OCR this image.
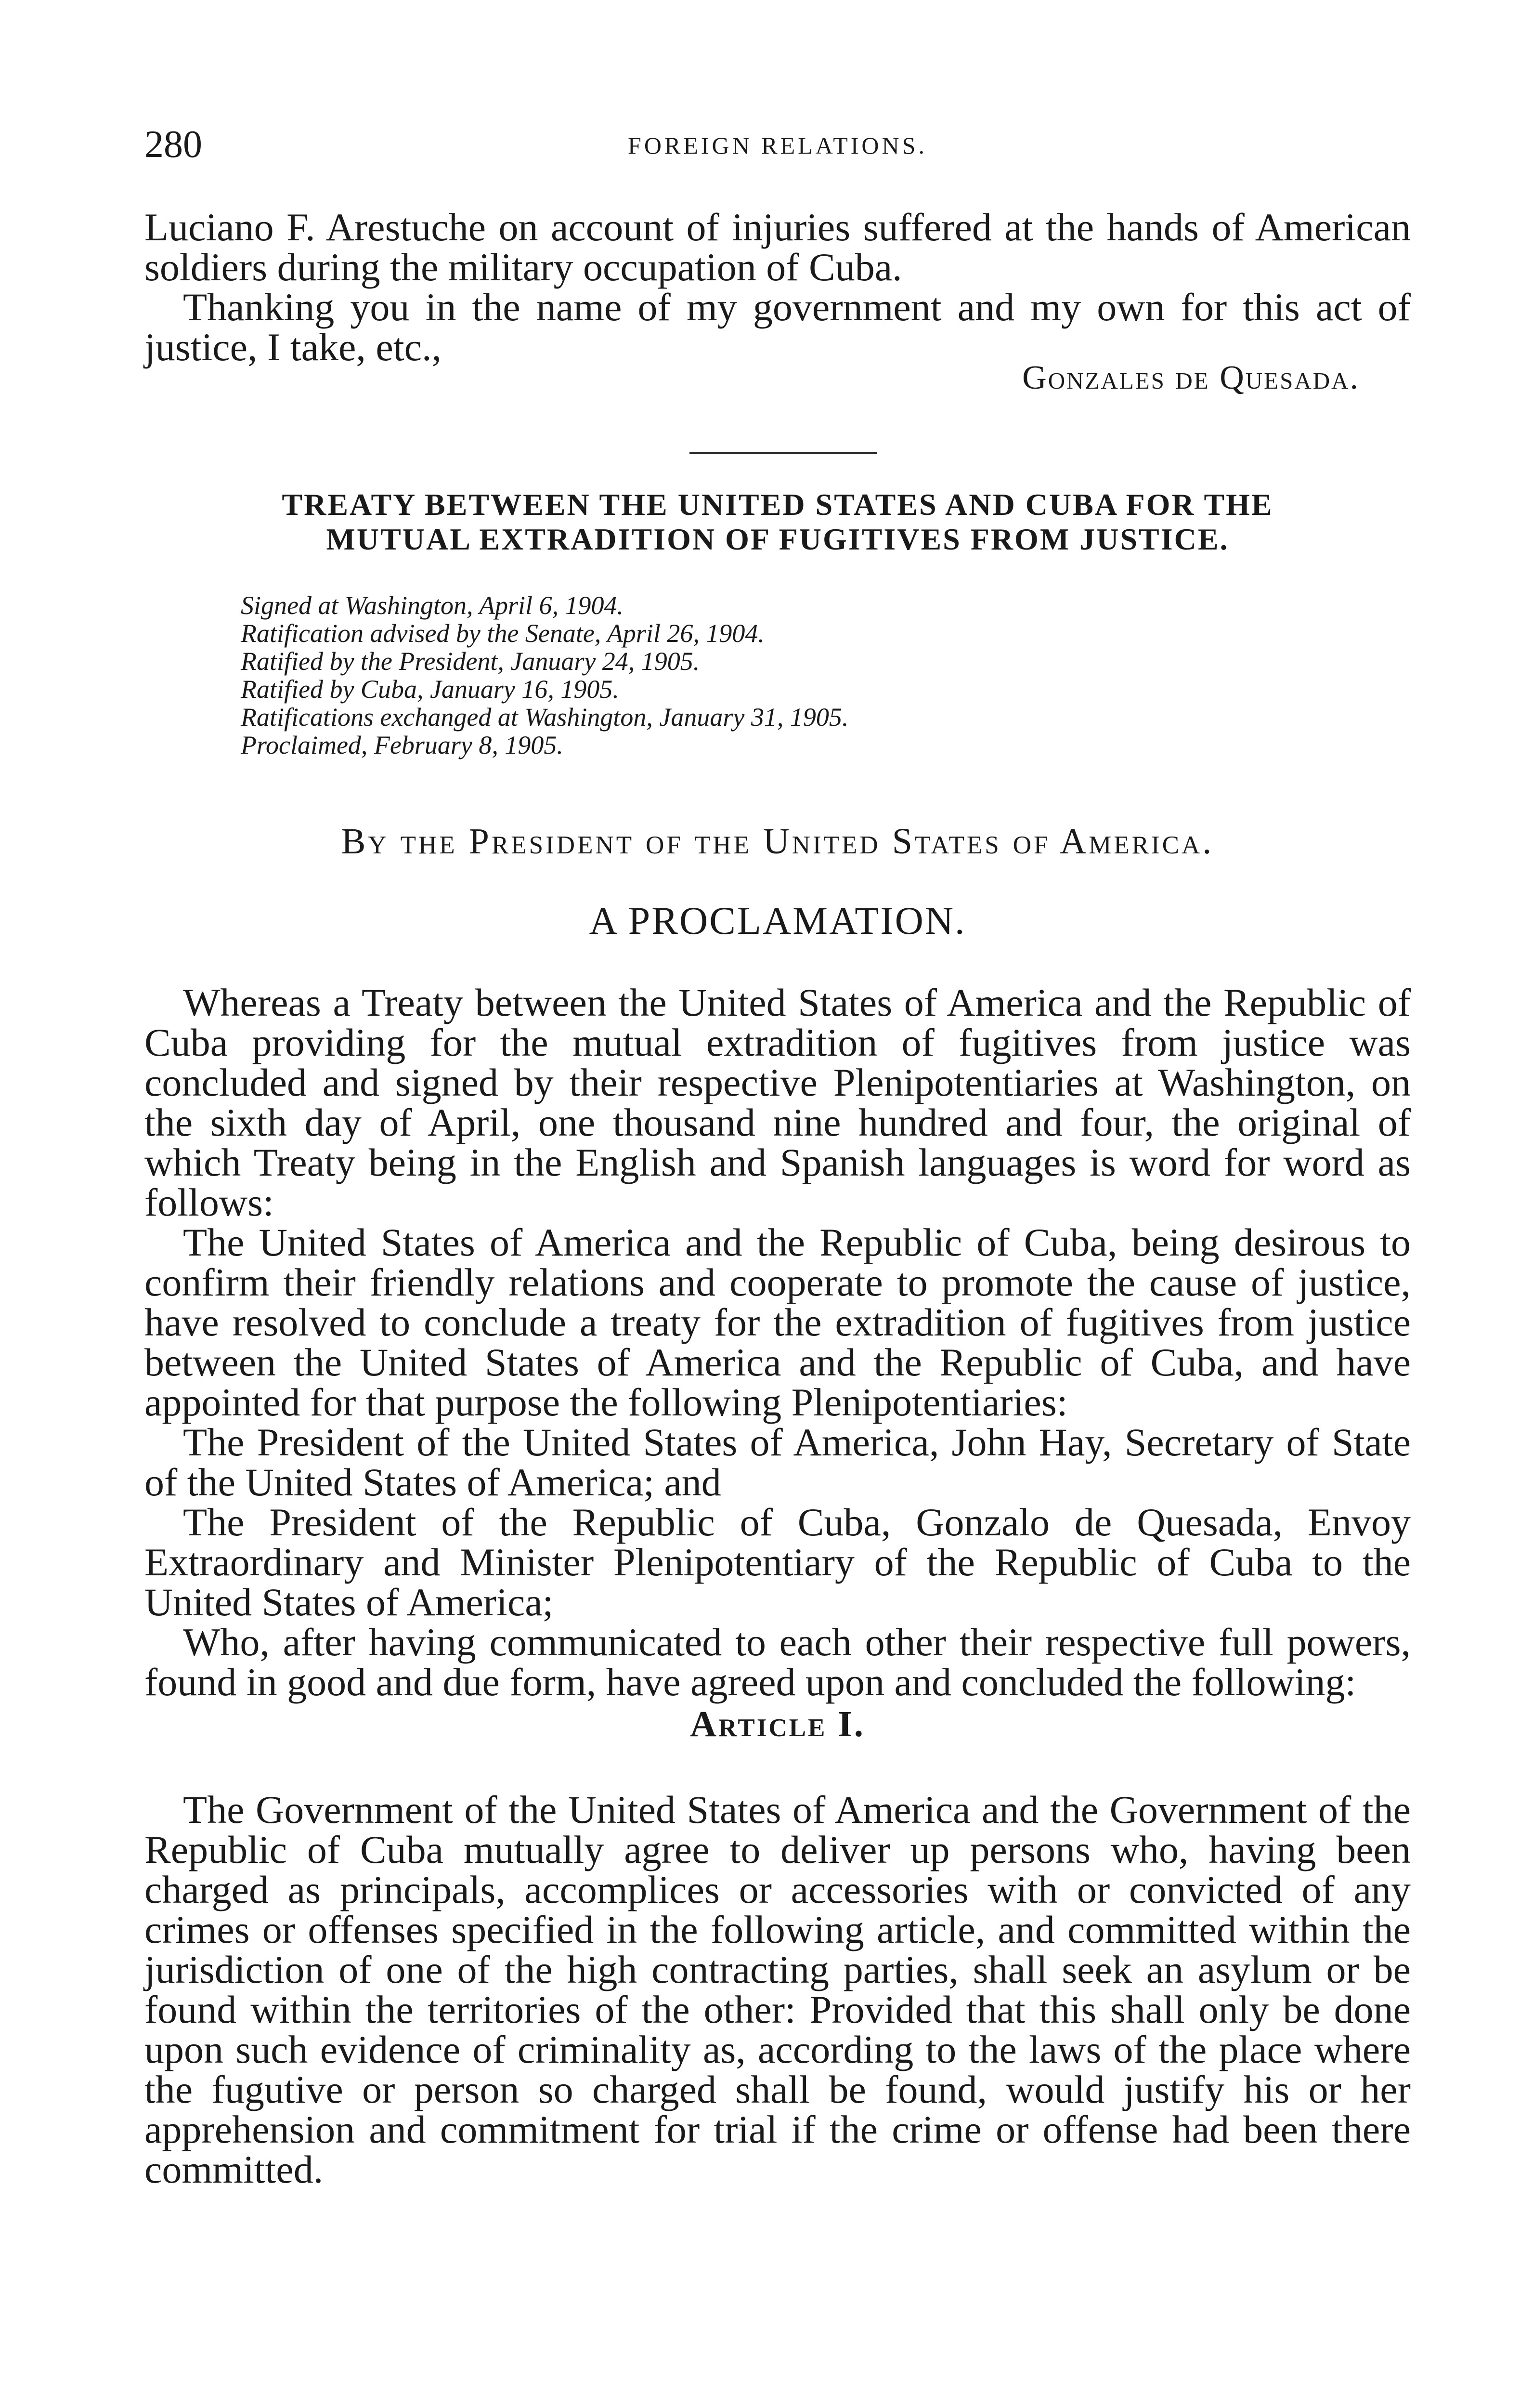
280	FOREIGN RELATIONS.

Luciano F. Arestuche on account of injuries suffered at the hands of American soldiers during the military occupation of Cuba.

Thanking you in the name of my government and my own for this act of justice, I take, etc.,

Gonzales de Quesada.
TREATY BETWEEN THE UNITED STATES AND CUBA FOR THE
MUTUAL EXTRADITION OF FUGITIVES FROM JUSTICE.
Signed at Washington, April 6, 1904.
Ratification advised by the Senate, April 26, 1904.
Ratified by the President, January 24, 1905.
Ratified by Cuba, January 16, 1905.
Ratifications exchanged at Washington, January 31, 1905.
Proclaimed, February 8, 1905.
By the President of the United States of America.
A PROCLAMATION.

Whereas a Treaty between the United States of America and the Republic of Cuba providing for the mutual extradition of fugitives from justice was concluded and signed by their respective Plenipotentiaries at Washington, on the sixth day of April, one thousand nine hundred and four, the original of which Treaty being in the English and Spanish languages is word for word as follows:

The United States of America and the Republic of Cuba, being desirous to confirm their friendly relations and cooperate to promote the cause of justice, have resolved to conclude a treaty for the extradition of fugitives from justice between the United States of America and the Republic of Cuba, and have appointed for that purpose the following Plenipotentiaries:

The President of the United States of America, John Hay, Secretary of State of the United States of America; and

The President of the Republic of Cuba, Gonzalo de Quesada, Envoy Extraordinary and Minister Plenipotentiary of the Republic of Cuba to the United States of America;

Who, after having communicated to each other their respective full powers, found in good and due form, have agreed upon and concluded the following:

Article I.

The Government of the United States of America and the Government of the Republic of Cuba mutually agree to deliver up persons who, having been charged as principals, accomplices or accessories with or convicted of any crimes or offenses specified in the following article, and committed within the jurisdiction of one of the high contracting parties, shall seek an asylum or be found within the territories of the other: Provided that this shall only be done upon such evidence of criminality as, according to the laws of the place where the fugutive or person so charged shall be found, would justify his or her apprehension and commitment for trial if the crime or offense had been there committed.
